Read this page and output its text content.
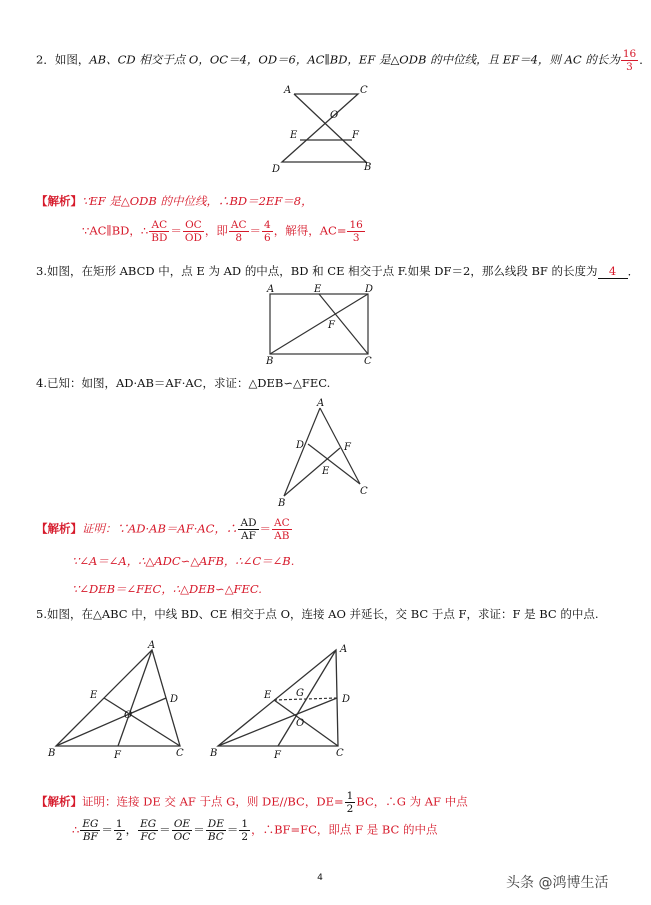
2．如图，AB、CD 相交于点 O，OC＝4，OD＝6，AC∥BD，EF 是△ODB 的中位线，且 EF＝4，则 AC 的长为 $\frac{16}{3}$ ．
A	C
O
E	F
D	B
【解析】∵EF 是△ODB 的中位线，∴BD＝2EF＝8，
∵AC∥BD，∴ $\frac{AC}{BD} = \frac{OC}{OD}$ ，即 $\frac{AC}{8} = \frac{4}{6}$ ，解得，$AC= \frac{16}{3}$
3.如图，在矩形 ABCD 中，点 E 为 AD 的中点，BD 和 CE 相交于点 F.如果 DF＝2，那么线段 BF 的长度为 4 ．
A	E	D
F
B	C
4.已知：如图，AD·AB＝AF·AC，求证：△DEB∽△FEC.
A
D	F
E
B
C
【解析】证明：∵AD·AB＝AF·AC，∴ $\frac{AD}{AF} = \frac{AC}{AB}$
∵∠A＝∠A，∴△ADC∽△AFB，∴∠C＝∠B.
∵∠DEB＝∠FEC，∴△DEB∽△FEC.
5.如图，在△ABC 中，中线 BD、CE 相交于点 O，连接 AO 并延长，交 BC 于点 F，求证：F 是 BC 的中点.
A
E	D
O
B	F	C
A
E G
D
O
B	F	C
【解析】证明：连接 DE 交 AF 于点 G，则 DE//BC，$DE= \frac{1}{2}$ BC，∴G 为 AF 中点
∴ $\frac{EG}{BF} = \frac{1}{2}$ ， $\frac{EG}{FC} = \frac{OE}{OC} = \frac{DE}{BC} = \frac{1}{2}$ ，∴BF=FC，即点 F 是 BC 的中点
4	头条 @鸿博生活
